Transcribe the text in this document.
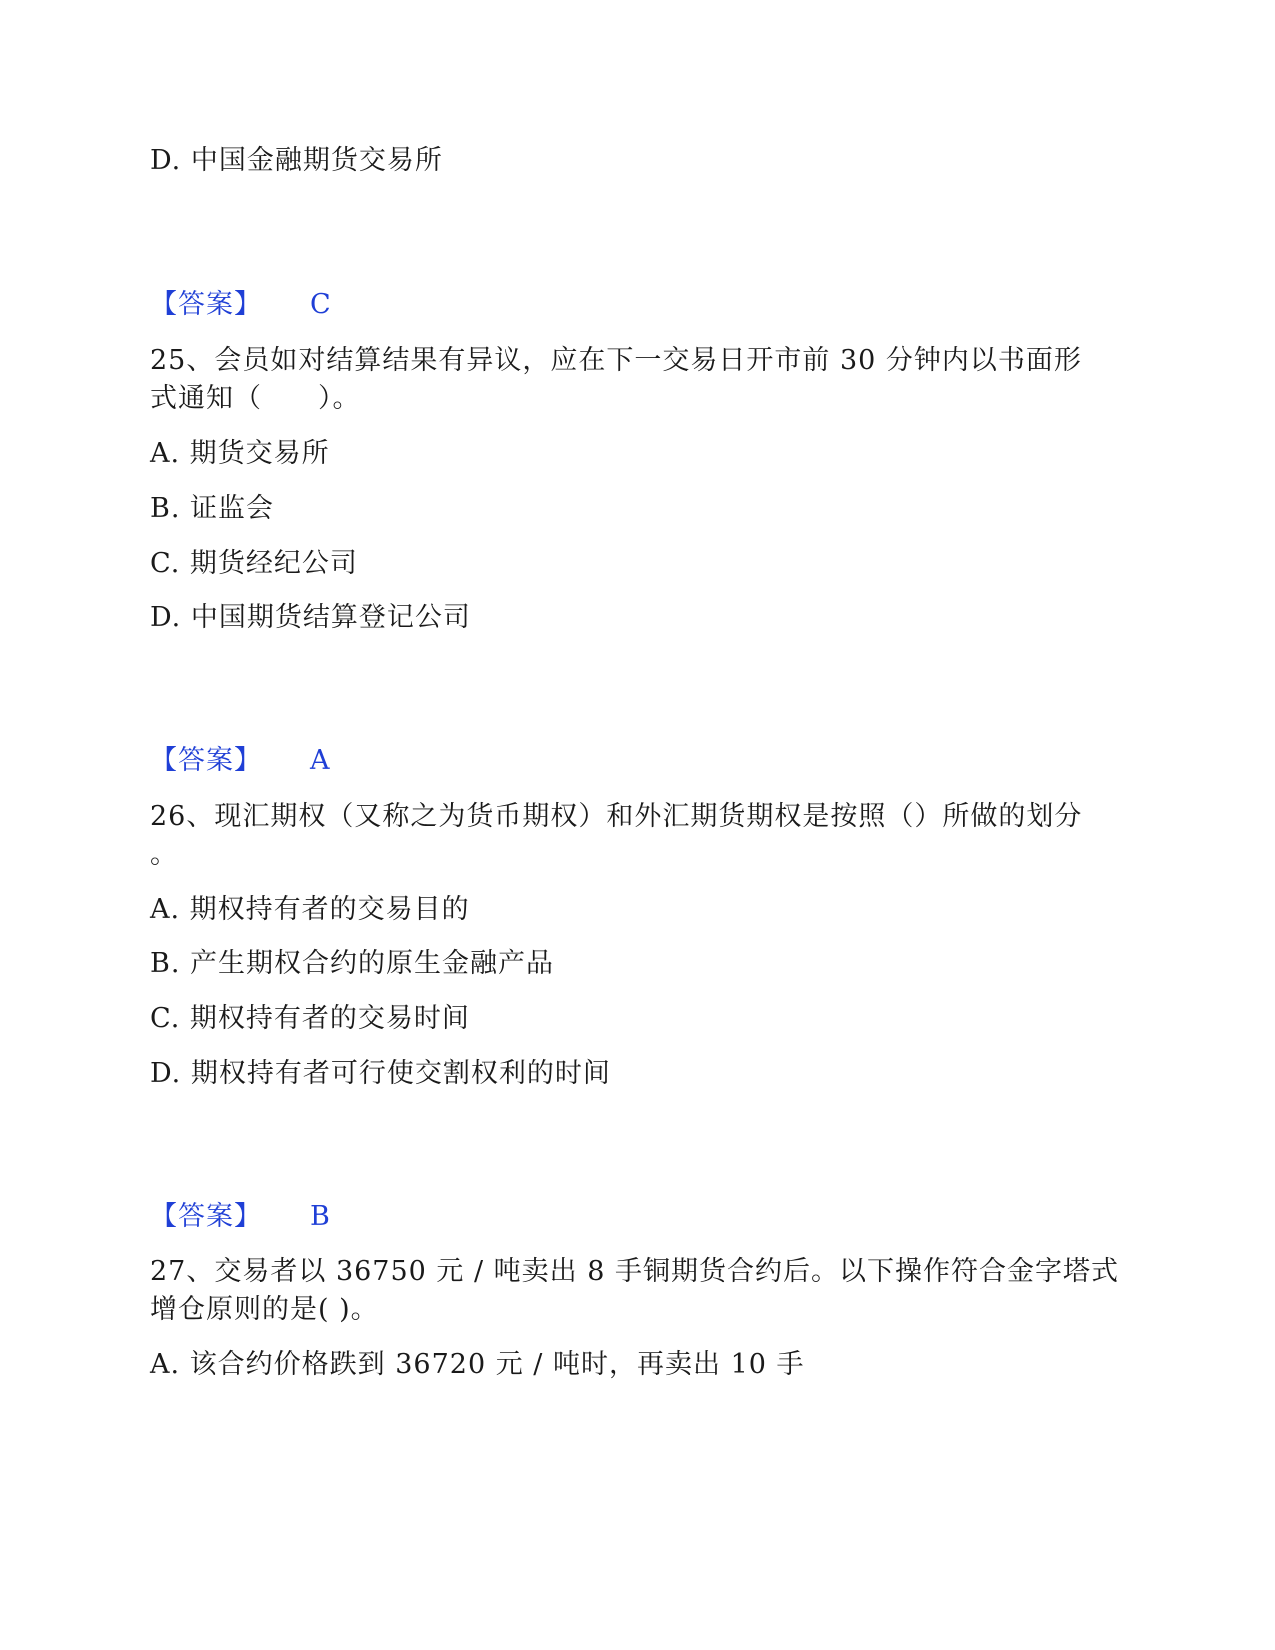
D. 中国金融期货交易所
【答案】 C
25、会员如对结算结果有异议，应在下一交易日开市前 30 分钟内以书面形
式通知（　　）。
A. 期货交易所
B. 证监会
C. 期货经纪公司
D. 中国期货结算登记公司
【答案】 A
26、现汇期权（又称之为货币期权）和外汇期货期权是按照（）所做的划分
。
A. 期权持有者的交易目的
B. 产生期权合约的原生金融产品
C. 期权持有者的交易时间
D. 期权持有者可行使交割权利的时间
【答案】 B
27、交易者以 36750 元 / 吨卖出 8 手铜期货合约后。以下操作符合金字塔式
增仓原则的是( )。
A. 该合约价格跌到 36720 元 / 吨时，再卖出 10 手
